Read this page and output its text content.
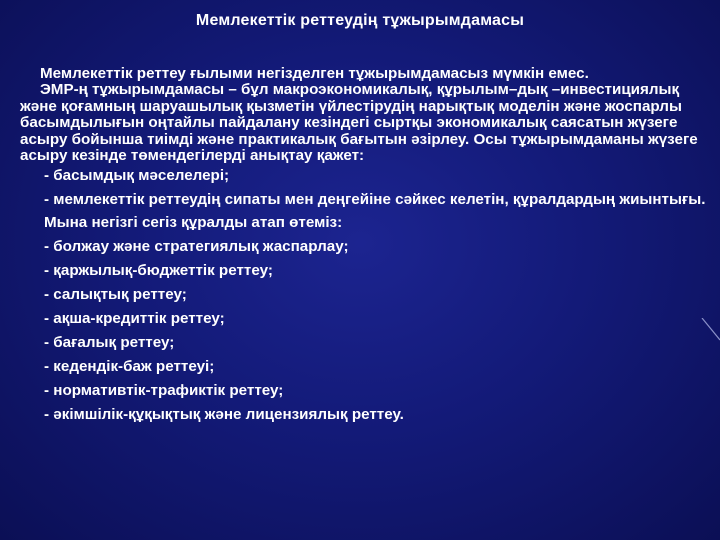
Мемлекеттік реттеудің тұжырымдамасы

Мемлекеттік реттеу ғылыми негізделген тұжырымдамасыз мүмкін емес.

ЭМР-ң тұжырымдамасы – бұл макроэкономикалық, құрылым–дық –инвестициялық және қоғамның шаруашылық қызметін үйлестірудің нарықтық моделін және жоспарлы басымдылығын оңтайлы пайдалану кезіндегі сыртқы экономикалық саясатын жүзеге асыру бойынша тиімді және практикалық бағытын әзірлеу. Осы тұжырымдаманы жүзеге асыру кезінде төмендегілерді анықтау қажет:

- басымдық мәселелері;

- мемлекеттік реттеудің сипаты мен деңгейіне сәйкес келетін, құралдардың жиынтығы.

Мына негізгі сегіз құралды атап өтеміз:

- болжау және стратегиялық жаспарлау;

- қаржылық-бюджеттік реттеу;

- салықтық реттеу;

- ақша-кредиттік реттеу;

- бағалық реттеу;

- кедендік-баж реттеуі;

- нормативтік-трафиктік реттеу;

- әкімшілік-құқықтық және лицензиялық реттеу.
